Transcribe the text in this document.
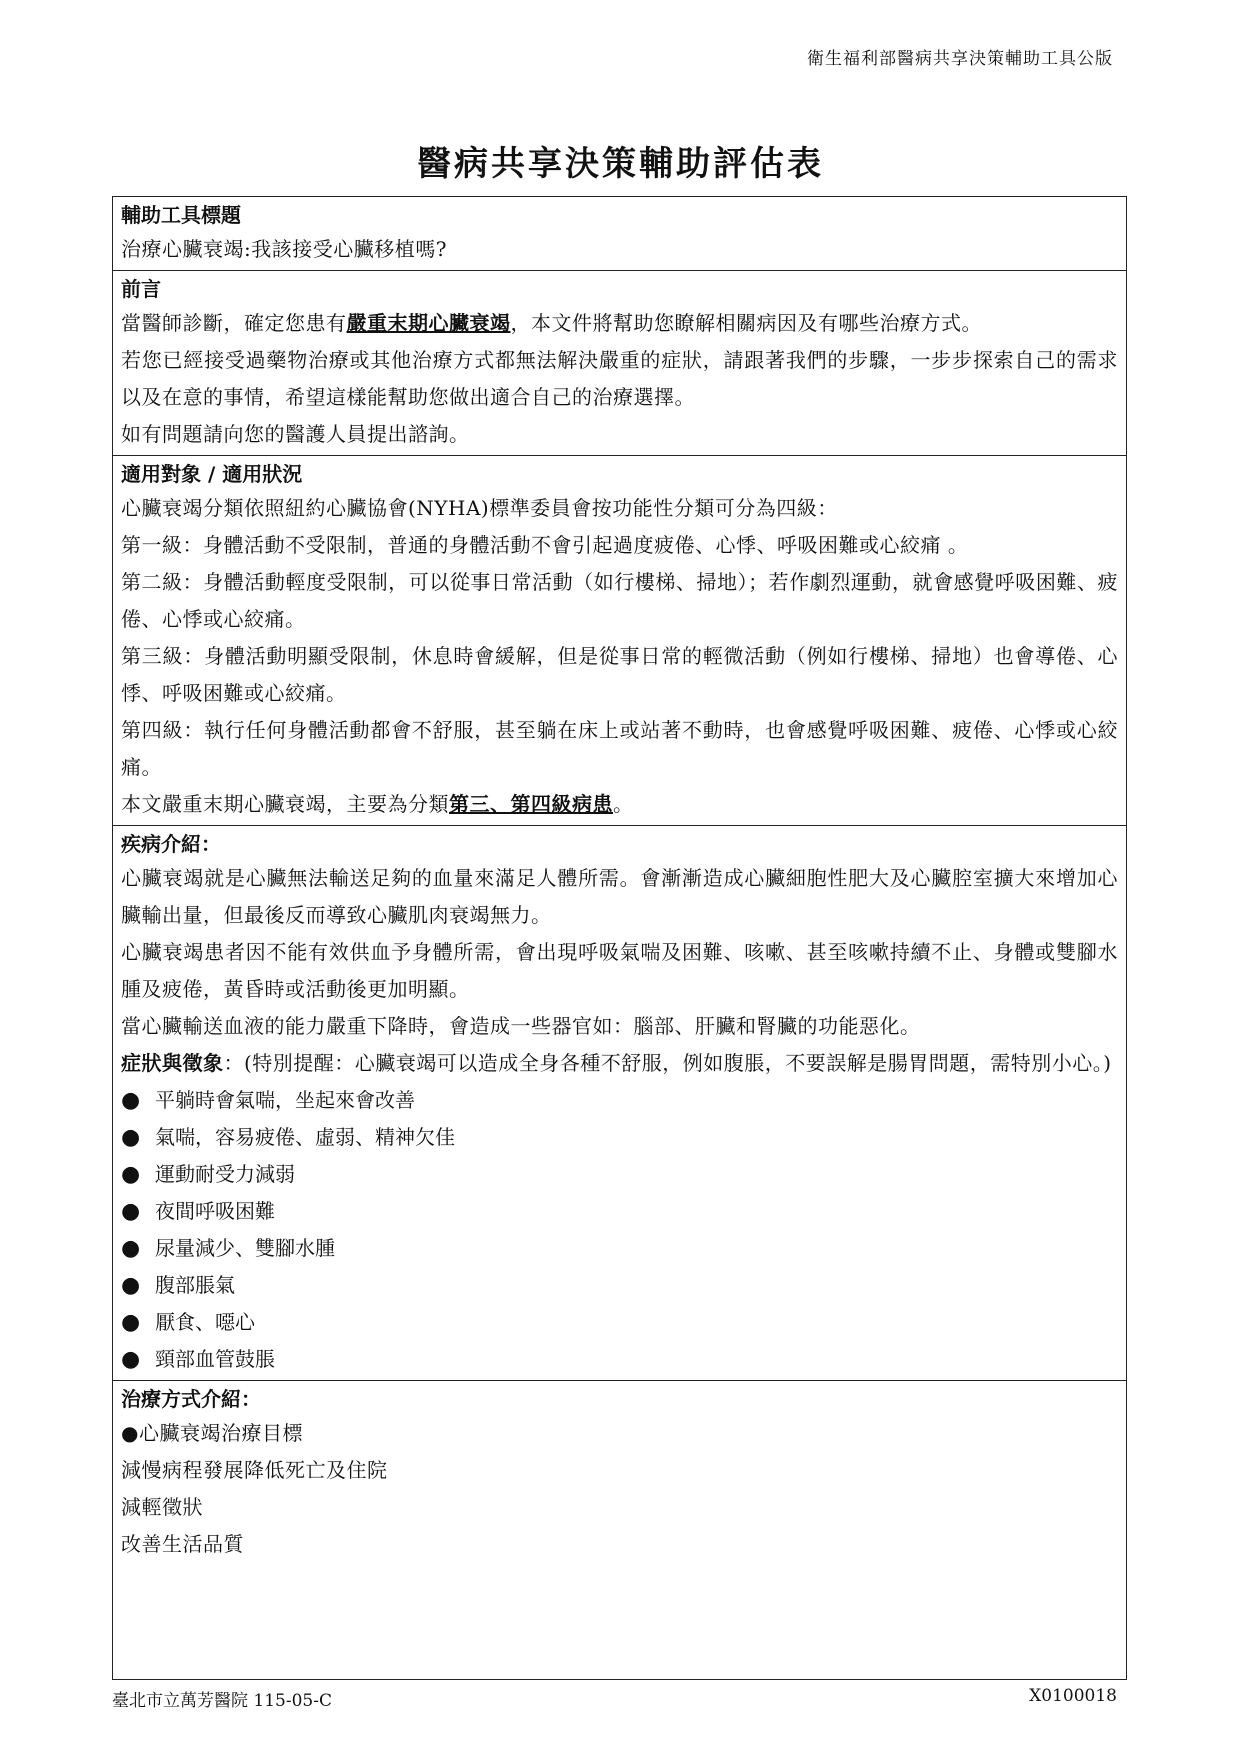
衛生福利部醫病共享決策輔助工具公版
醫病共享決策輔助評估表
輔助工具標題
治療心臟衰竭:我該接受心臟移植嗎?
前言
當醫師診斷，確定您患有嚴重末期心臟衰竭，本文件將幫助您瞭解相關病因及有哪些治療方式。
若您已經接受過藥物治療或其他治療方式都無法解決嚴重的症狀，請跟著我們的步驟，一步步探索自己的需求以及在意的事情，希望這樣能幫助您做出適合自己的治療選擇。
如有問題請向您的醫護人員提出諮詢。
適用對象 / 適用狀況
心臟衰竭分類依照紐約心臟協會(NYHA)標準委員會按功能性分類可分為四級：
第一級：身體活動不受限制，普通的身體活動不會引起過度疲倦、心悸、呼吸困難或心絞痛 。
第二級：身體活動輕度受限制，可以從事日常活動（如行樓梯、掃地）；若作劇烈運動，就會感覺呼吸困難、疲倦、心悸或心絞痛。
第三級：身體活動明顯受限制，休息時會緩解，但是從事日常的輕微活動（例如行樓梯、掃地）也會導倦、心悸、呼吸困難或心絞痛。
第四級：執行任何身體活動都會不舒服，甚至躺在床上或站著不動時，也會感覺呼吸困難、疲倦、心悸或心絞痛。
本文嚴重末期心臟衰竭，主要為分類第三、第四級病患。
疾病介紹：
心臟衰竭就是心臟無法輸送足夠的血量來滿足人體所需。會漸漸造成心臟細胞性肥大及心臟腔室擴大來增加心臟輸出量，但最後反而導致心臟肌肉衰竭無力。
心臟衰竭患者因不能有效供血予身體所需，會出現呼吸氣喘及困難、咳嗽、甚至咳嗽持續不止、身體或雙腳水腫及疲倦，黃昏時或活動後更加明顯。
當心臟輸送血液的能力嚴重下降時，會造成一些器官如：腦部、肝臟和腎臟的功能惡化。
症狀與徵象：(特別提醒：心臟衰竭可以造成全身各種不舒服，例如腹脹，不要誤解是腸胃問題，需特別小心。)
● 平躺時會氣喘，坐起來會改善
● 氣喘，容易疲倦、虛弱、精神欠佳
● 運動耐受力減弱
● 夜間呼吸困難
● 尿量減少、雙腳水腫
● 腹部脹氣
● 厭食、噁心
● 頸部血管鼓脹
治療方式介紹：
●心臟衰竭治療目標
減慢病程發展降低死亡及住院
減輕徵狀
改善生活品質
臺北市立萬芳醫院 115-05-C	X0100018
